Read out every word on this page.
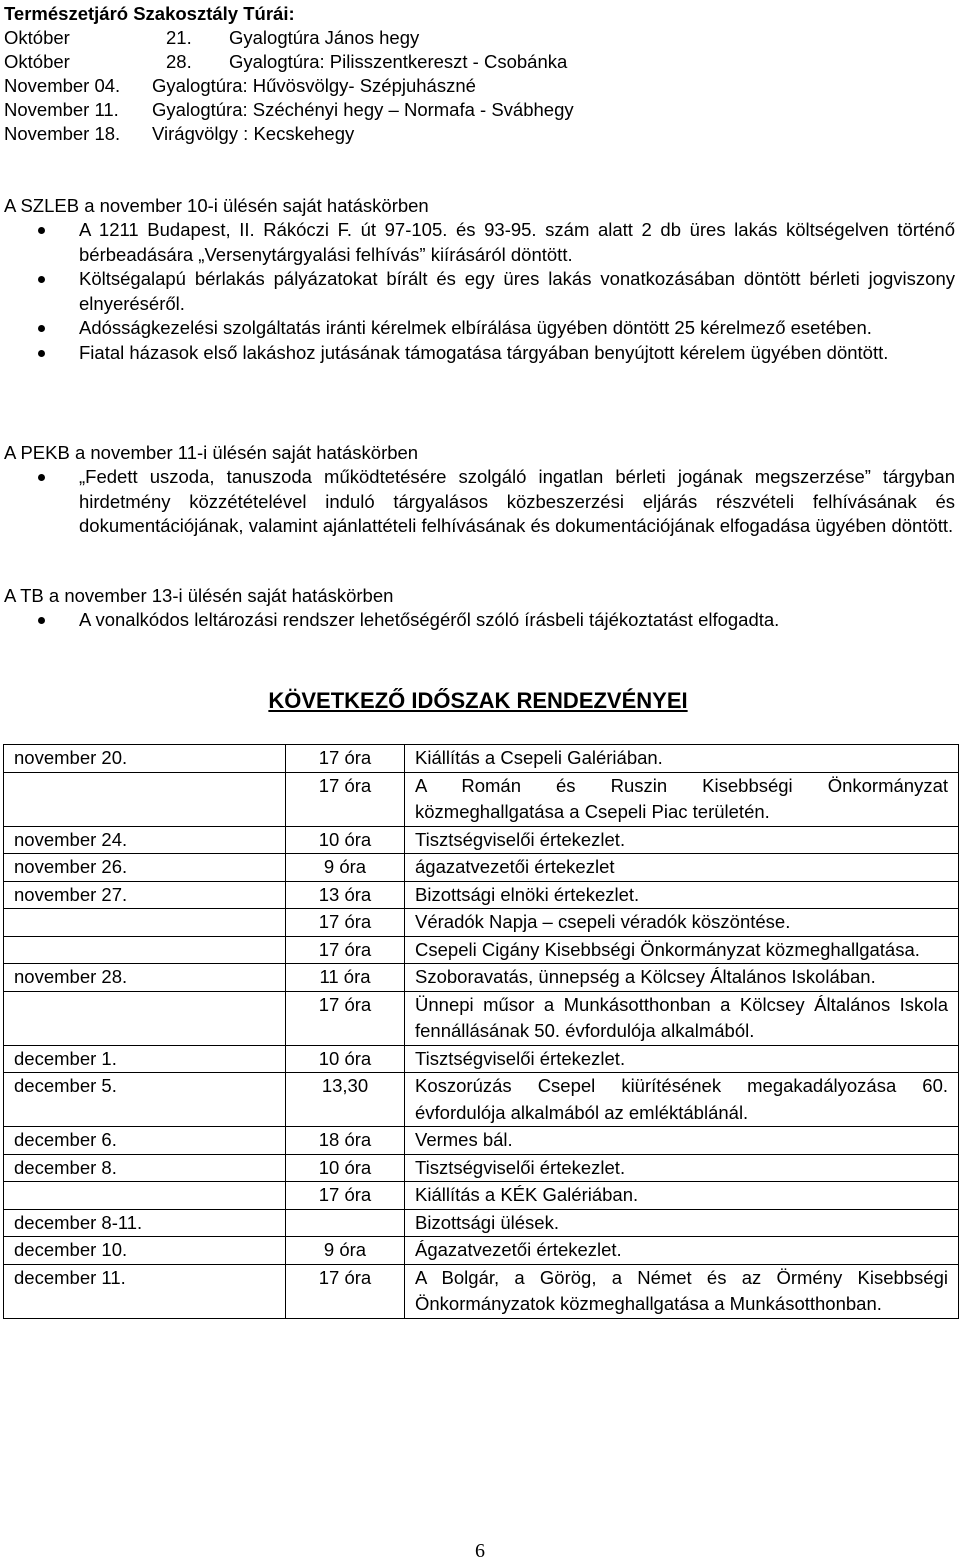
Természetjáró Szakosztály Túrái:
Október	21. Gyalogtúra János hegy
Október	28. Gyalogtúra: Pilisszentkereszt - Csobánka
November 04. Gyalogtúra: Hűvösvölgy- Szépjuhászné
November 11. Gyalogtúra: Széchényi hegy – Normafa - Svábhegy
November 18. Virágvölgy : Kecskehegy
A SZLEB a november 10-i ülésén saját hatáskörben
A 1211 Budapest, II. Rákóczi F. út 97-105. és 93-95. szám alatt 2 db üres lakás költségelven történő bérbeadására „Versenytárgyalási felhívás” kiírásáról döntött.
Költségalapú bérlakás pályázatokat bírált és egy üres lakás vonatkozásában döntött bérleti jogviszony elnyeréséről.
Adósságkezelési szolgáltatás iránti kérelmek elbírálása ügyében döntött 25 kérelmező esetében.
Fiatal házasok első lakáshoz jutásának támogatása tárgyában benyújtott kérelem ügyében döntött.
A PEKB a november 11-i ülésén saját hatáskörben
„Fedett uszoda, tanuszoda működtetésére szolgáló ingatlan bérleti jogának megszerzése” tárgyban hirdetmény közzétételével induló tárgyalásos közbeszerzési eljárás részvételi felhívásának és dokumentációjának, valamint ajánlattételi felhívásának és dokumentációjának elfogadása ügyében döntött.
A TB a november 13-i ülésén saját hatáskörben
A vonalkódos leltározási rendszer lehetőségéről szóló írásbeli tájékoztatást elfogadta.
KÖVETKEZŐ IDŐSZAK RENDEZVÉNYEI
november 20.	17 óra	Kiállítás a Csepeli Galériában.
	17 óra	A Román és Ruszin Kisebbségi Önkormányzat közmeghallgatása a Csepeli Piac területén.
november 24.	10 óra	Tisztségviselői értekezlet.
november 26.	9 óra	ágazatvezetői értekezlet
november 27.	13 óra	Bizottsági elnöki értekezlet.
	17 óra	Véradók Napja – csepeli véradók köszöntése.
	17 óra	Csepeli Cigány Kisebbségi Önkormányzat közmeghallgatása.
november 28.	11 óra	Szoboravatás, ünnepség a Kölcsey Általános Iskolában.
	17 óra	Ünnepi műsor a Munkásotthonban a Kölcsey Általános Iskola fennállásának 50. évfordulója alkalmából.
december 1.	10 óra	Tisztségviselői értekezlet.
december 5.	13,30	Koszorúzás Csepel kiürítésének megakadályozása 60. évfordulója alkalmából az emléktáblánál.
december 6.	18 óra	Vermes bál.
december 8.	10 óra	Tisztségviselői értekezlet.
	17 óra	Kiállítás a KÉK Galériában.
december 8-11.		Bizottsági ülések.
december 10.	9 óra	Ágazatvezetői értekezlet.
december 11.	17 óra	A Bolgár, a Görög, a Német és az Örmény Kisebbségi Önkormányzatok közmeghallgatása a Munkásotthonban.
6
